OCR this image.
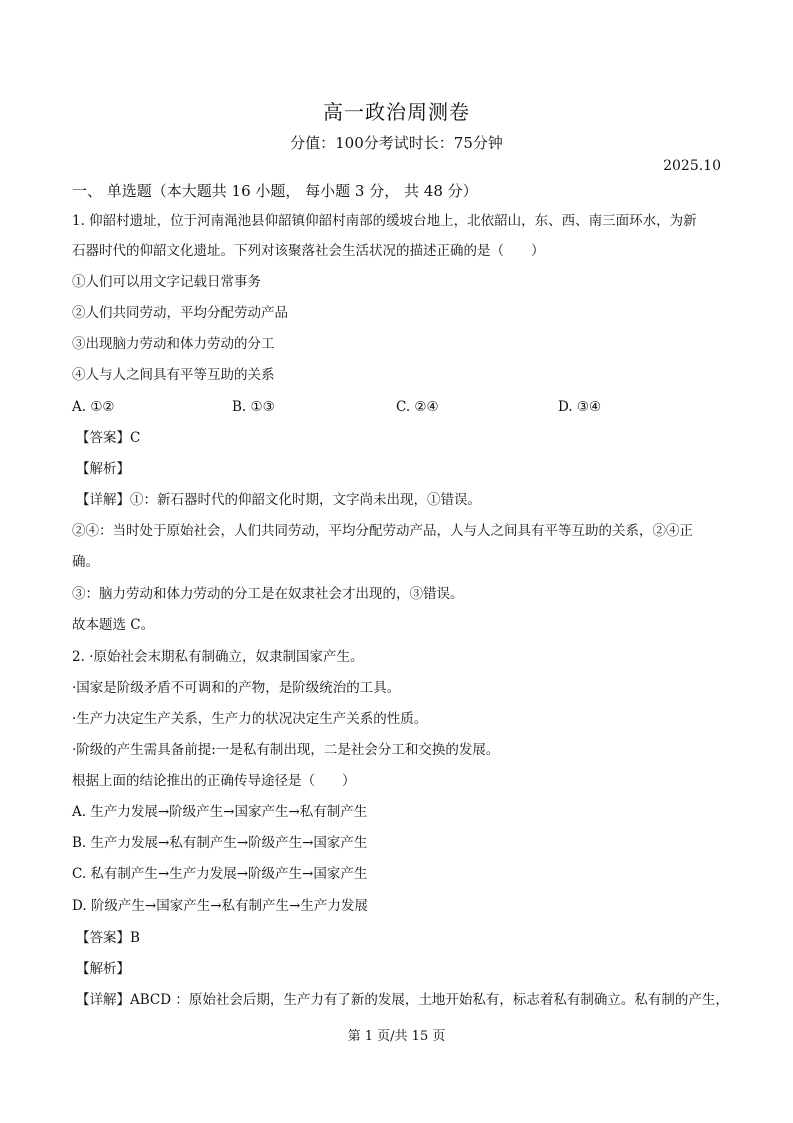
高一政治周测卷
分值：100分考试时长：75分钟
2025.10
一、 单选题（本大题共 16 小题， 每小题 3 分， 共 48 分）
1. 仰韶村遗址，位于河南渑池县仰韶镇仰韶村南部的缓坡台地上，北依韶山，东、西、南三面环水，为新
石器时代的仰韶文化遗址。下列对该聚落社会生活状况的描述正确的是（　　）
①人们可以用文字记载日常事务
②人们共同劳动，平均分配劳动产品
③出现脑力劳动和体力劳动的分工
④人与人之间具有平等互助的关系
A. ①②	B. ①③	C. ②④	D. ③④
【答案】C
【解析】
【详解】①：新石器时代的仰韶文化时期，文字尚未出现，①错误。
②④：当时处于原始社会，人们共同劳动，平均分配劳动产品，人与人之间具有平等互助的关系，②④正
确。
③：脑力劳动和体力劳动的分工是在奴隶社会才出现的，③错误。
故本题选 C。
2. ·原始社会末期私有制确立，奴隶制国家产生。
·国家是阶级矛盾不可调和的产物，是阶级统治的工具。
·生产力决定生产关系，生产力的状况决定生产关系的性质。
·阶级的产生需具备前提:一是私有制出现，二是社会分工和交换的发展。
根据上面的结论推出的正确传导途径是（　　）
A. 生产力发展→阶级产生→国家产生→私有制产生
B. 生产力发展→私有制产生→阶级产生→国家产生
C. 私有制产生→生产力发展→阶级产生→国家产生
D. 阶级产生→国家产生→私有制产生→生产力发展
【答案】B
【解析】
【详解】ABCD ：原始社会后期，生产力有了新的发展，土地开始私有，标志着私有制确立。私有制的产生，
第 1 页/共 15 页
